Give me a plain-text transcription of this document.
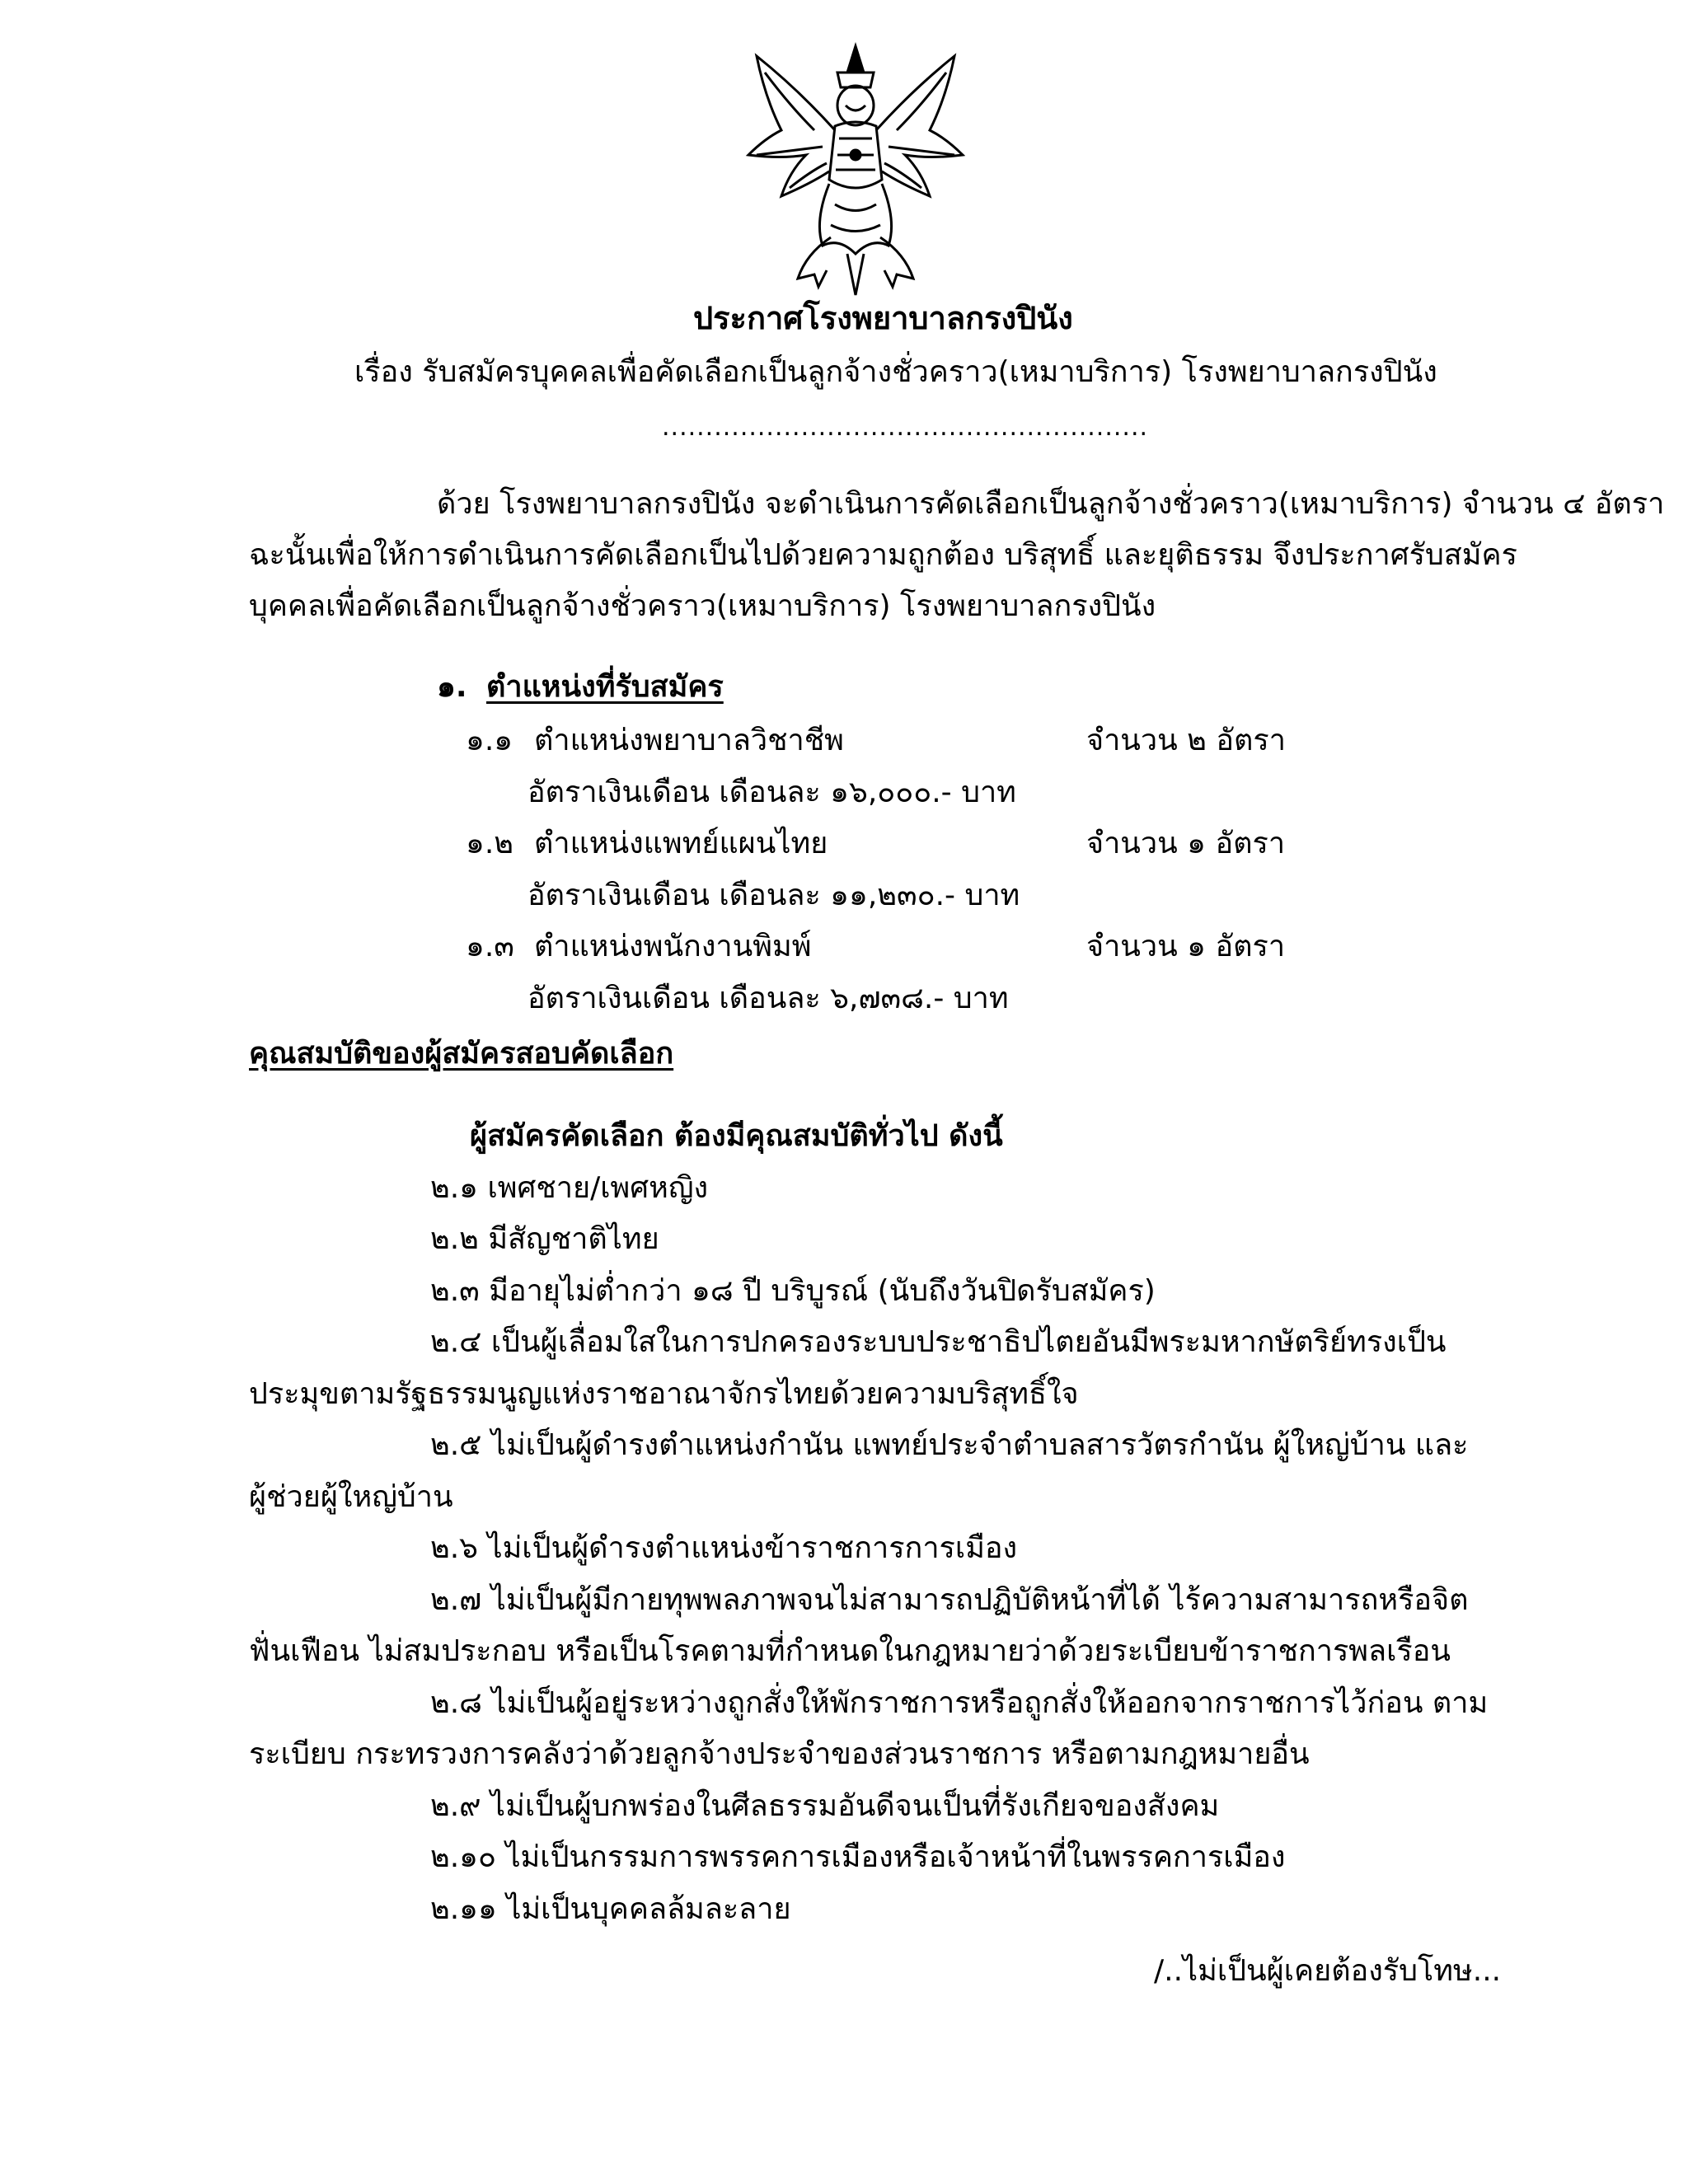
ประกาศโรงพยาบาลกรงปินัง
เรื่อง รับสมัครบุคคลเพื่อคัดเลือกเป็นลูกจ้างชั่วคราว(เหมาบริการ) โรงพยาบาลกรงปินัง
........................................................
ด้วย โรงพยาบาลกรงปินัง จะดำเนินการคัดเลือกเป็นลูกจ้างชั่วคราว(เหมาบริการ) จำนวน ๔ อัตรา
ฉะนั้นเพื่อให้การดำเนินการคัดเลือกเป็นไปด้วยความถูกต้อง บริสุทธิ์ และยุติธรรม จึงประกาศรับสมัคร
บุคคลเพื่อคัดเลือกเป็นลูกจ้างชั่วคราว(เหมาบริการ) โรงพยาบาลกรงปินัง
๑. ตำแหน่งที่รับสมัคร
๑.๑ ตำแหน่งพยาบาลวิชาชีพ	จำนวน ๒ อัตรา
อัตราเงินเดือน เดือนละ ๑๖,๐๐๐.- บาท
๑.๒ ตำแหน่งแพทย์แผนไทย	จำนวน ๑ อัตรา
อัตราเงินเดือน เดือนละ ๑๑,๒๓๐.- บาท
๑.๓ ตำแหน่งพนักงานพิมพ์	จำนวน ๑ อัตรา
อัตราเงินเดือน เดือนละ ๖,๗๓๘.- บาท
คุณสมบัติของผู้สมัครสอบคัดเลือก
ผู้สมัครคัดเลือก ต้องมีคุณสมบัติทั่วไป ดังนี้
๒.๑ เพศชาย/เพศหญิง
๒.๒ มีสัญชาติไทย
๒.๓ มีอายุไม่ต่ำกว่า ๑๘ ปี บริบูรณ์ (นับถึงวันปิดรับสมัคร)
๒.๔ เป็นผู้เลื่อมใสในการปกครองระบบประชาธิปไตยอันมีพระมหากษัตริย์ทรงเป็น
ประมุขตามรัฐธรรมนูญแห่งราชอาณาจักรไทยด้วยความบริสุทธิ์ใจ
๒.๕ ไม่เป็นผู้ดำรงตำแหน่งกำนัน แพทย์ประจำตำบลสารวัตรกำนัน ผู้ใหญ่บ้าน และ
ผู้ช่วยผู้ใหญ่บ้าน
๒.๖ ไม่เป็นผู้ดำรงตำแหน่งข้าราชการการเมือง
๒.๗ ไม่เป็นผู้มีกายทุพพลภาพจนไม่สามารถปฏิบัติหน้าที่ได้ ไร้ความสามารถหรือจิต
ฟั่นเฟือน ไม่สมประกอบ หรือเป็นโรคตามที่กำหนดในกฎหมายว่าด้วยระเบียบข้าราชการพลเรือน
๒.๘ ไม่เป็นผู้อยู่ระหว่างถูกสั่งให้พักราชการหรือถูกสั่งให้ออกจากราชการไว้ก่อน ตาม
ระเบียบ กระทรวงการคลังว่าด้วยลูกจ้างประจำของส่วนราชการ หรือตามกฎหมายอื่น
๒.๙ ไม่เป็นผู้บกพร่องในศีลธรรมอันดีจนเป็นที่รังเกียจของสังคม
๒.๑๐ ไม่เป็นกรรมการพรรคการเมืองหรือเจ้าหน้าที่ในพรรคการเมือง
๒.๑๑ ไม่เป็นบุคคลล้มละลาย
/..ไม่เป็นผู้เคยต้องรับโทษ...
